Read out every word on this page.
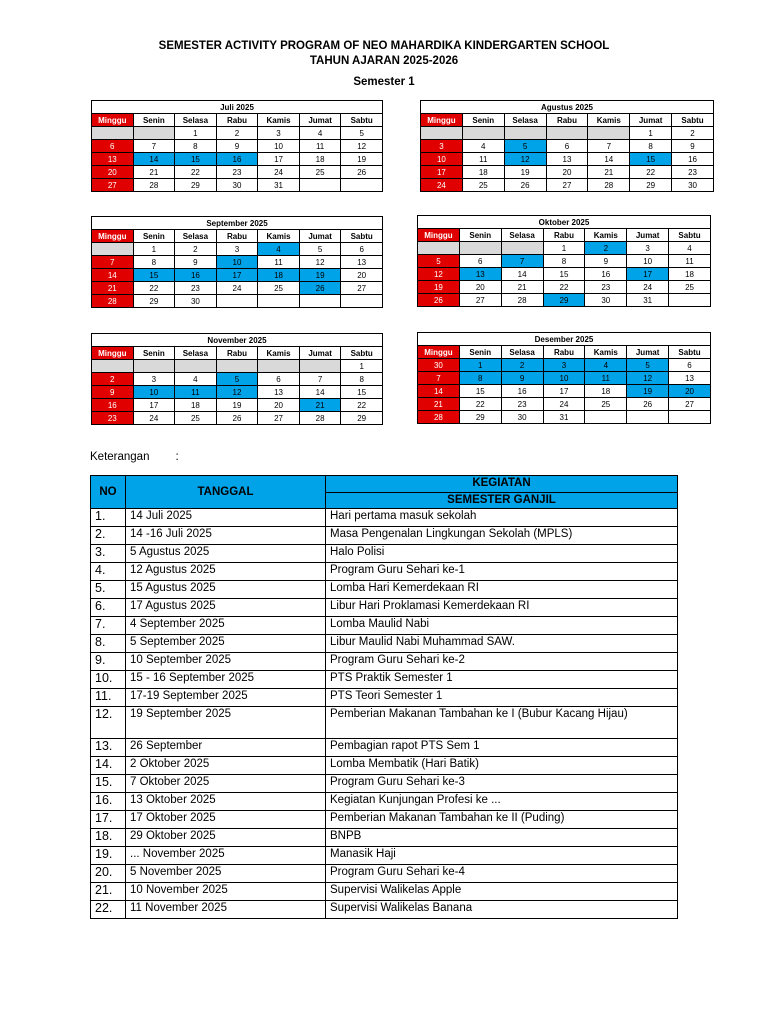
SEMESTER ACTIVITY PROGRAM OF NEO MAHARDIKA KINDERGARTEN SCHOOL
TAHUN AJARAN 2025-2026
Semester 1
Juli 2025						
Minggu	Senin	Selasa	Rabu	Kamis	Jumat	Sabtu
		1	2	3	4	5
6	7	8	9	10	11	12
13	14	15	16	17	18	19
20	21	22	23	24	25	26
27	28	29	30	31		
Agustus 2025						
Minggu	Senin	Selasa	Rabu	Kamis	Jumat	Sabtu
					1	2
3	4	5	6	7	8	9
10	11	12	13	14	15	16
17	18	19	20	21	22	23
24	25	26	27	28	29	30
September 2025						
Minggu	Senin	Selasa	Rabu	Kamis	Jumat	Sabtu
	1	2	3	4	5	6
7	8	9	10	11	12	13
14	15	16	17	18	19	20
21	22	23	24	25	26	27
28	29	30				
Oktober 2025						
Minggu	Senin	Selasa	Rabu	Kamis	Jumat	Sabtu
			1	2	3	4
5	6	7	8	9	10	11
12	13	14	15	16	17	18
19	20	21	22	23	24	25
26	27	28	29	30	31	
November 2025						
Minggu	Senin	Selasa	Rabu	Kamis	Jumat	Sabtu
						1
2	3	4	5	6	7	8
9	10	11	12	13	14	15
16	17	18	19	20	21	22
23	24	25	26	27	28	29
Desember 2025						
Minggu	Senin	Selasa	Rabu	Kamis	Jumat	Sabtu
30	1	2	3	4	5	6
7	8	9	10	11	12	13
14	15	16	17	18	19	20
21	22	23	24	25	26	27
28	29	30	31			
Keterangan :
NO	TANGGAL	KEGIATAN
		SEMESTER GANJIL
1.	14 Juli 2025	Hari pertama masuk sekolah
2.	14 -16 Juli 2025	Masa Pengenalan Lingkungan Sekolah (MPLS)
3.	5 Agustus 2025	Halo Polisi
4.	12 Agustus 2025	Program Guru Sehari ke-1
5.	15 Agustus 2025	Lomba Hari Kemerdekaan RI
6.	17 Agustus 2025	Libur Hari Proklamasi Kemerdekaan RI
7.	4 September 2025	Lomba Maulid Nabi
8.	5 September 2025	Libur Maulid Nabi Muhammad SAW.
9.	10 September 2025	Program Guru Sehari ke-2
10.	15 - 16 September 2025	PTS Praktik Semester 1
11.	17-19 September 2025	PTS Teori Semester 1
12.	19 September 2025	Pemberian Makanan Tambahan ke I (Bubur Kacang Hijau)
13.	26 September	Pembagian rapot PTS Sem 1
14.	2 Oktober 2025	Lomba Membatik (Hari Batik)
15.	7 Oktober 2025	Program Guru Sehari ke-3
16.	13 Oktober 2025	Kegiatan Kunjungan Profesi ke ...
17.	17 Oktober 2025	Pemberian Makanan Tambahan ke II (Puding)
18.	29 Oktober 2025	BNPB
19.	... November 2025	Manasik Haji
20.	5 November 2025	Program Guru Sehari ke-4
21.	10 November 2025	Supervisi Walikelas Apple
22.	11 November 2025	Supervisi Walikelas Banana
